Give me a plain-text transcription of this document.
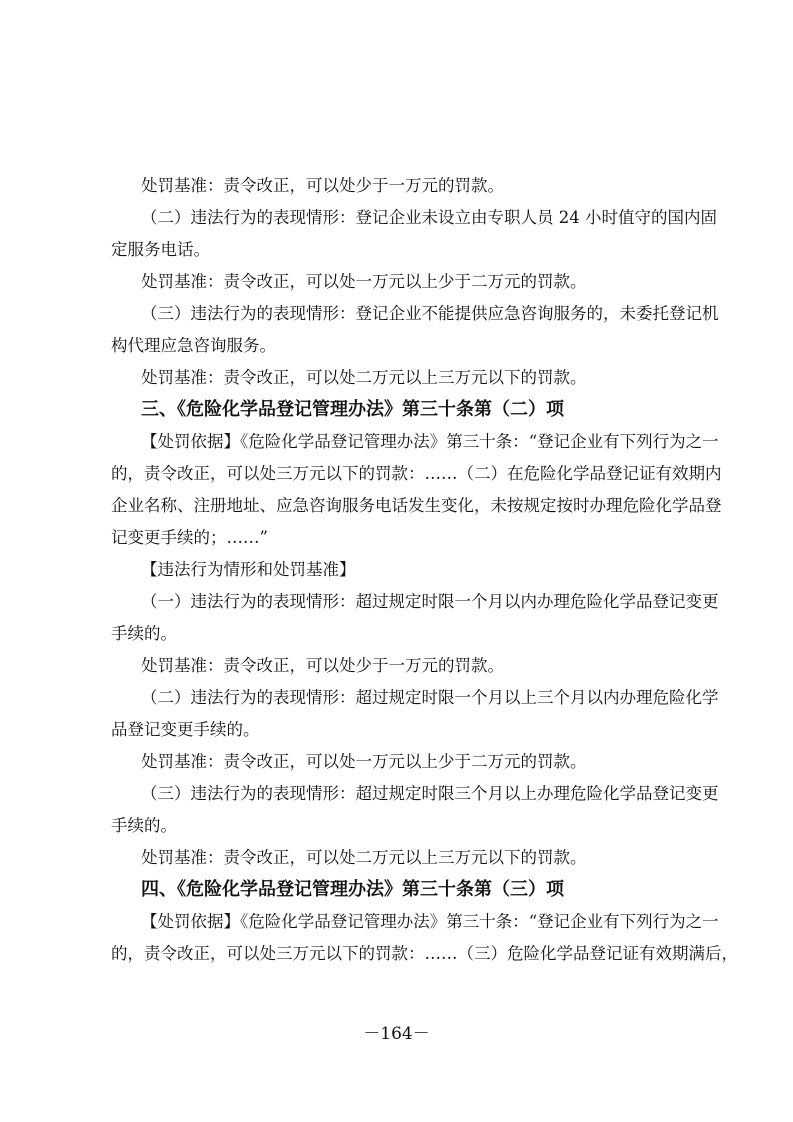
处罚基准：责令改正，可以处少于一万元的罚款。
（二）违法行为的表现情形：登记企业未设立由专职人员 24 小时值守的国内固
定服务电话。
处罚基准：责令改正，可以处一万元以上少于二万元的罚款。
（三）违法行为的表现情形：登记企业不能提供应急咨询服务的，未委托登记机
构代理应急咨询服务。
处罚基准：责令改正，可以处二万元以上三万元以下的罚款。
三、《危险化学品登记管理办法》第三十条第（二）项
【处罚依据】《危险化学品登记管理办法》第三十条：“登记企业有下列行为之一
的，责令改正，可以处三万元以下的罚款：……（二）在危险化学品登记证有效期内
企业名称、注册地址、应急咨询服务电话发生变化，未按规定按时办理危险化学品登
记变更手续的；……”
【违法行为情形和处罚基准】
（一）违法行为的表现情形：超过规定时限一个月以内办理危险化学品登记变更
手续的。
处罚基准：责令改正，可以处少于一万元的罚款。
（二）违法行为的表现情形：超过规定时限一个月以上三个月以内办理危险化学
品登记变更手续的。
处罚基准：责令改正，可以处一万元以上少于二万元的罚款。
（三）违法行为的表现情形：超过规定时限三个月以上办理危险化学品登记变更
手续的。
处罚基准：责令改正，可以处二万元以上三万元以下的罚款。
四、《危险化学品登记管理办法》第三十条第（三）项
【处罚依据】《危险化学品登记管理办法》第三十条：“登记企业有下列行为之一
的，责令改正，可以处三万元以下的罚款：……（三）危险化学品登记证有效期满后，
－164－
